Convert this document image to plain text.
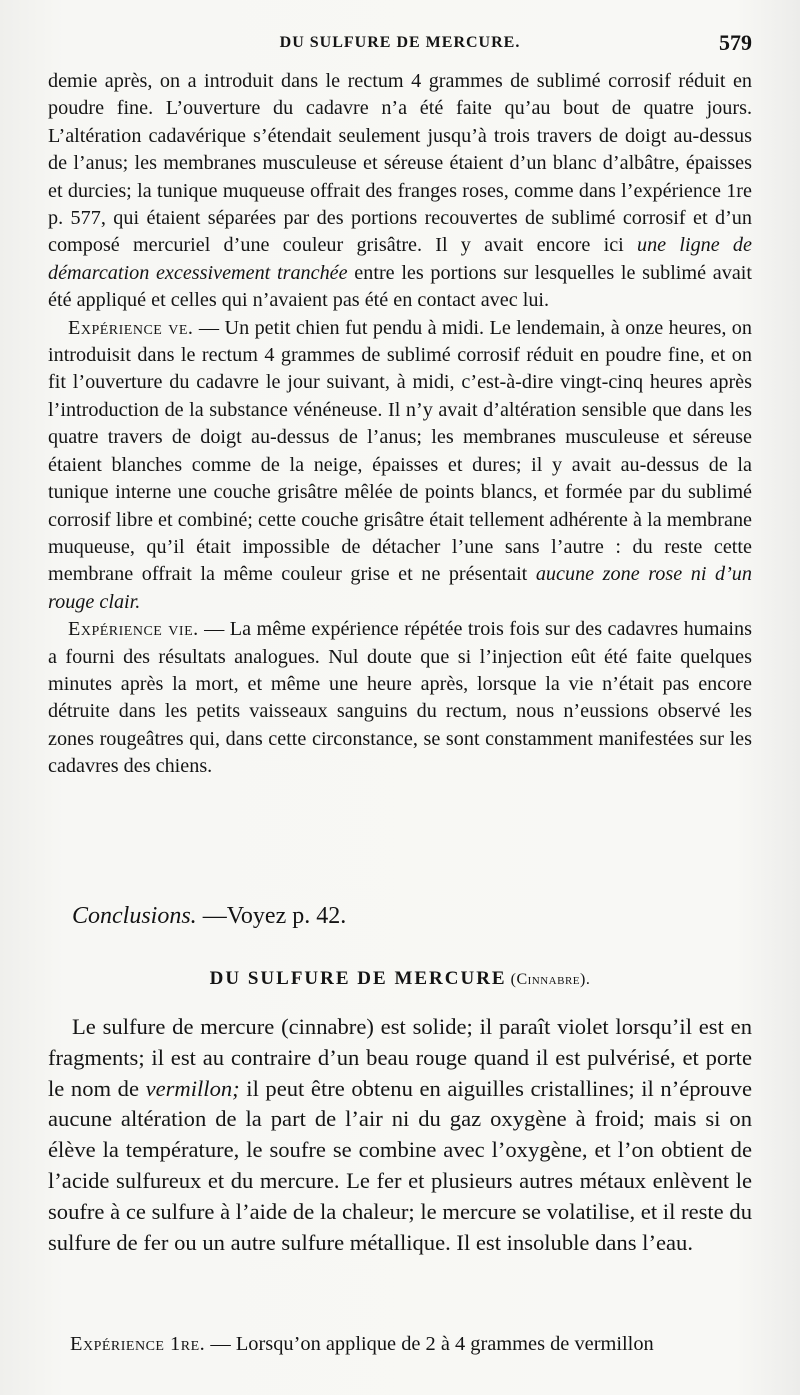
DU SULFURE DE MERCURE.	579

demie après, on a introduit dans le rectum 4 grammes de sublimé corrosif réduit en poudre fine. L’ouverture du cadavre n’a été faite qu’au bout de quatre jours. L’altération cadavérique s’étendait seulement jusqu’à trois travers de doigt au-dessus de l’anus; les membranes musculeuse et séreuse étaient d’un blanc d’albâtre, épaisses et durcies; la tunique muqueuse offrait des franges roses, comme dans l’expérience 1re p. 577, qui étaient séparées par des portions recouvertes de sublimé corrosif et d’un composé mercuriel d’une couleur grisâtre. Il y avait encore ici une ligne de démarcation excessivement tranchée entre les portions sur lesquelles le sublimé avait été appliqué et celles qui n’avaient pas été en contact avec lui.

Expérience ve. — Un petit chien fut pendu à midi. Le lendemain, à onze heures, on introduisit dans le rectum 4 grammes de sublimé corrosif réduit en poudre fine, et on fit l’ouverture du cadavre le jour suivant, à midi, c’est-à-dire vingt-cinq heures après l’introduction de la substance vénéneuse. Il n’y avait d’altération sensible que dans les quatre travers de doigt au-dessus de l’anus; les membranes musculeuse et séreuse étaient blanches comme de la neige, épaisses et dures; il y avait au-dessus de la tunique interne une couche grisâtre mêlée de points blancs, et formée par du sublimé corrosif libre et combiné; cette couche grisâtre était tellement adhérente à la membrane muqueuse, qu’il était impossible de détacher l’une sans l’autre : du reste cette membrane offrait la même couleur grise et ne présentait aucune zone rose ni d’un rouge clair.

Expérience vie. — La même expérience répétée trois fois sur des cadavres humains a fourni des résultats analogues. Nul doute que si l’injection eût été faite quelques minutes après la mort, et même une heure après, lorsque la vie n’était pas encore détruite dans les petits vaisseaux sanguins du rectum, nous n’eussions observé les zones rougeâtres qui, dans cette circonstance, se sont constamment manifestées sur les cadavres des chiens.

Conclusions. —Voyez p. 42.
DU SULFURE DE MERCURE (Cinnabre).

Le sulfure de mercure (cinnabre) est solide; il paraît violet lorsqu’il est en fragments; il est au contraire d’un beau rouge quand il est pulvérisé, et porte le nom de vermillon; il peut être obtenu en aiguilles cristallines; il n’éprouve aucune altération de la part de l’air ni du gaz oxygène à froid; mais si on élève la température, le soufre se combine avec l’oxygène, et l’on obtient de l’acide sulfureux et du mercure. Le fer et plusieurs autres métaux enlèvent le soufre à ce sulfure à l’aide de la chaleur; le mercure se volatilise, et il reste du sulfure de fer ou un autre sulfure métallique. Il est insoluble dans l’eau.

Expérience 1re. — Lorsqu’on applique de 2 à 4 grammes de vermillon
